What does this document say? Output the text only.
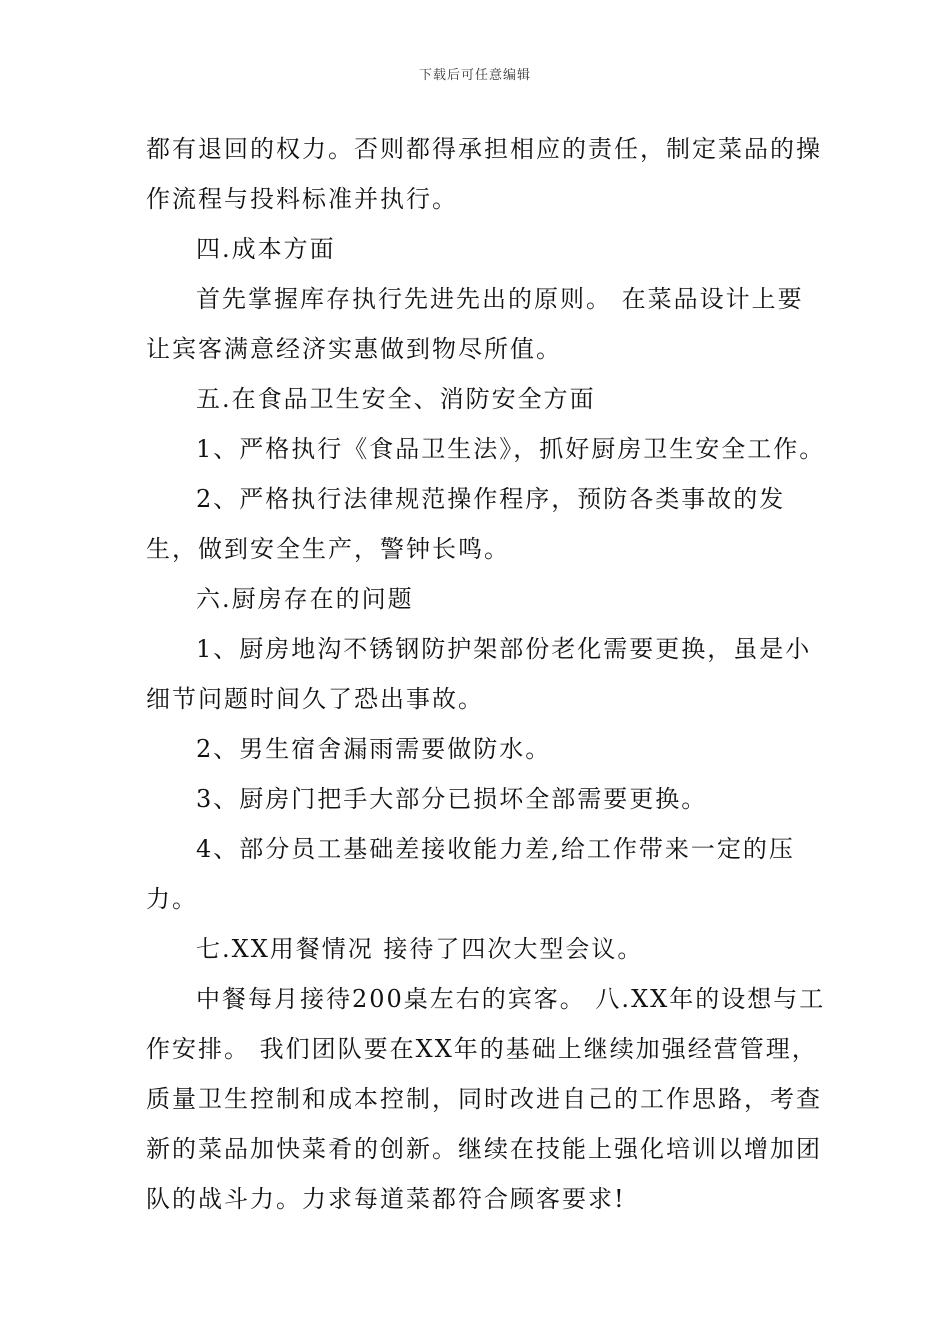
下载后可任意编辑

都有退回的权力。否则都得承担相应的责任，制定菜品的操作流程与投料标准并执行。

四.成本方面

首先掌握库存执行先进先出的原则。 在菜品设计上要让宾客满意经济实惠做到物尽所值。

五.在食品卫生安全、消防安全方面

1、严格执行《食品卫生法》，抓好厨房卫生安全工作。

2、严格执行法律规范操作程序，预防各类事故的发生，做到安全生产，警钟长鸣。

六.厨房存在的问题

1、厨房地沟不锈钢防护架部份老化需要更换，虽是小细节问题时间久了恐出事故。

2、男生宿舍漏雨需要做防水。

3、厨房门把手大部分已损坏全部需要更换。

4、部分员工基础差接收能力差,给工作带来一定的压力。

七.XX用餐情况 接待了四次大型会议。

中餐每月接待200桌左右的宾客。 八.XX年的设想与工作安排。 我们团队要在XX年的基础上继续加强经营管理，质量卫生控制和成本控制，同时改进自己的工作思路，考查新的菜品加快菜肴的创新。继续在技能上强化培训以增加团队的战斗力。力求每道菜都符合顾客要求!
